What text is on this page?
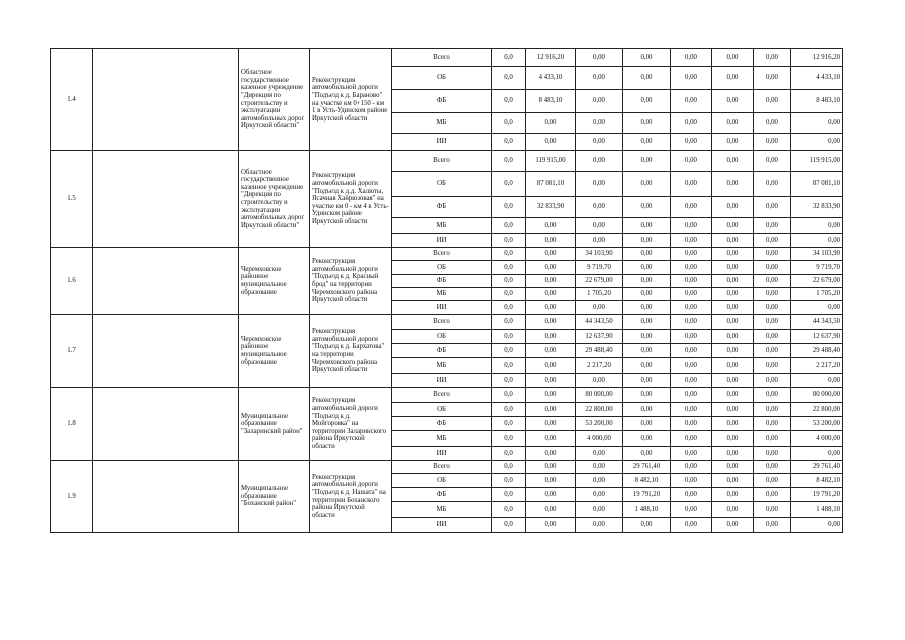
1.4		Областное государственное казенное учреждение "Дирекция по строительству и эксплуатации автомобильных дорог Иркутской области"	Реконструкция автомобильной дороги "Подъезд к д. Бараново" на участке км 0+150 - км 1 в Усть-Удинском районе Иркутской области	Всего	0,0	12 916,20	0,00	0,00	0,00	0,00	0,00	12 916,20
				ОБ	0,0	4 433,10	0,00	0,00	0,00	0,00	0,00	4 433,10
				ФБ	0,0	8 483,10	0,00	0,00	0,00	0,00	0,00	8 483,10
				МБ	0,0	0,00	0,00	0,00	0,00	0,00	0,00	0,00
				ИИ	0,0	0,00	0,00	0,00	0,00	0,00	0,00	0,00
1.5		Областное государственное казенное учреждение "Дирекция по строительству и эксплуатации автомобильных дорог Иркутской области"	Реконструкция автомобильной дороги "Подъезд к д.д. Халюты, Ясачная Хайрюзовая" на участке км 0 - км 4 в Усть-Удинском районе Иркутской области	Всего	0,0	119 915,00	0,00	0,00	0,00	0,00	0,00	119 915,00
				ОБ	0,0	87 081,10	0,00	0,00	0,00	0,00	0,00	87 081,10
				ФБ	0,0	32 833,90	0,00	0,00	0,00	0,00	0,00	32 833,90
				МБ	0,0	0,00	0,00	0,00	0,00	0,00	0,00	0,00
				ИИ	0,0	0,00	0,00	0,00	0,00	0,00	0,00	0,00
1.6		Черемховское районное муниципальное образование	Реконструкция автомобильной дороги "Подъезд к д. Красный брод" на территории Черемховского района Иркутской области	Всего	0,0	0,00	34 103,90	0,00	0,00	0,00	0,00	34 103,90
				ОБ	0,0	0,00	9 719,70	0,00	0,00	0,00	0,00	9 719,70
				ФБ	0,0	0,00	22 679,00	0,00	0,00	0,00	0,00	22 679,00
				МБ	0,0	0,00	1 705,20	0,00	0,00	0,00	0,00	1 705,20
				ИИ	0,0	0,00	0,00	0,00	0,00	0,00	0,00	0,00
1.7		Черемховское районное муниципальное образование	Реконструкция автомобильной дороги "Подъезд к д. Бархатова" на территории Черемховского района Иркутской области	Всего	0,0	0,00	44 343,50	0,00	0,00	0,00	0,00	44 343,50
				ОБ	0,0	0,00	12 637,90	0,00	0,00	0,00	0,00	12 637,90
				ФБ	0,0	0,00	29 488,40	0,00	0,00	0,00	0,00	29 488,40
				МБ	0,0	0,00	2 217,20	0,00	0,00	0,00	0,00	2 217,20
				ИИ	0,0	0,00	0,00	0,00	0,00	0,00	0,00	0,00
1.8		Муниципальное образование "Заларинский район"	Реконструкция автомобильной дороги "Подъезд к д. Мойгоровка" на территории Заларинского района Иркутской области	Всего	0,0	0,00	80 000,00	0,00	0,00	0,00	0,00	80 000,00
				ОБ	0,0	0,00	22 800,00	0,00	0,00	0,00	0,00	22 800,00
				ФБ	0,0	0,00	53 200,00	0,00	0,00	0,00	0,00	53 200,00
				МБ	0,0	0,00	4 000,00	0,00	0,00	0,00	0,00	4 000,00
				ИИ	0,0	0,00	0,00	0,00	0,00	0,00	0,00	0,00
1.9		Муниципальное образование "Боханский район"	Реконструкция автомобильной дороги "Подъезд к д. Нашата" на территории Боханского района Иркутской области	Всего	0,0	0,00	0,00	29 761,40	0,00	0,00	0,00	29 761,40
				ОБ	0,0	0,00	0,00	8 482,10	0,00	0,00	0,00	8 482,10
				ФБ	0,0	0,00	0,00	19 791,20	0,00	0,00	0,00	19 791,20
				МБ	0,0	0,00	0,00	1 488,10	0,00	0,00	0,00	1 488,10
				ИИ	0,0	0,00	0,00	0,00	0,00	0,00	0,00	0,00
